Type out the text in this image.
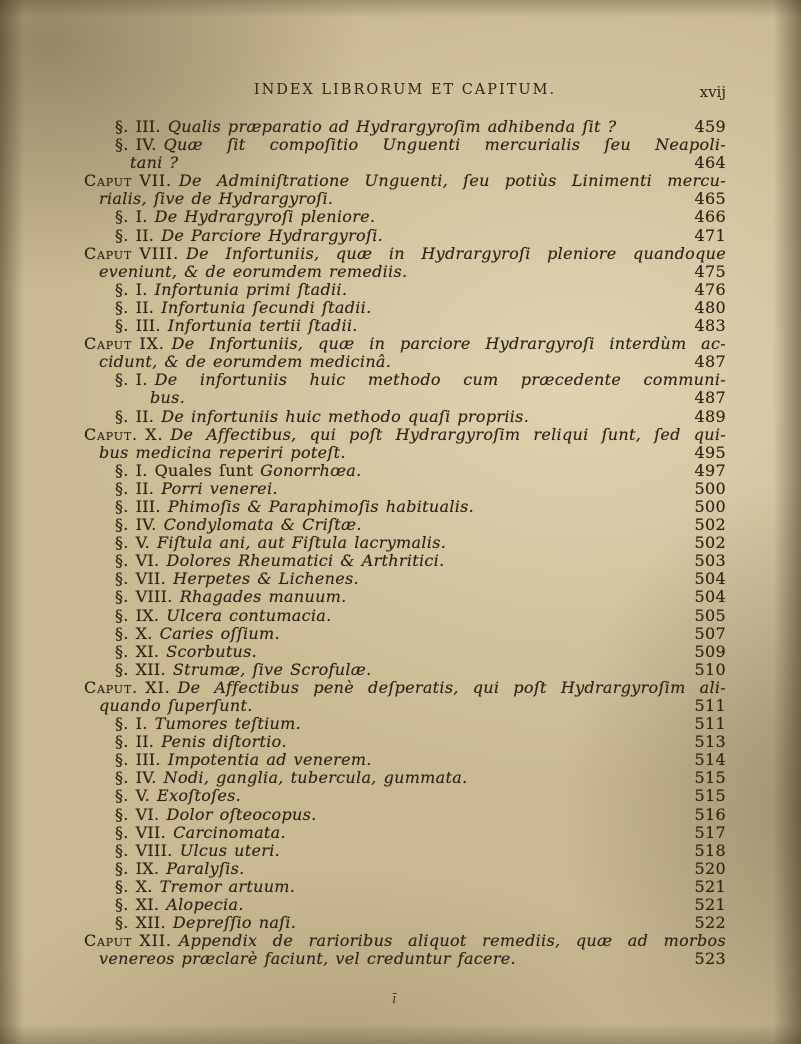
INDEX LIBRORUM ET CAPITUM.	xvij
§. III. Qualis præparatio ad Hydrargyroſim adhibenda ſit ?	459
§. IV. Quæ ſit compoſitio Unguenti mercurialis ſeu Neapoli-
tani ?	464
Caput VII. De Adminiſtratione Unguenti, ſeu potiùs Linimenti mercu-
rialis, ſive de Hydrargyroſi.	465
§. I. De Hydrargyroſi pleniore.	466
§. II. De Parciore Hydrargyroſi.	471
Caput VIII. De Infortuniis, quæ in Hydrargyroſi pleniore quandoque
eveniunt, & de eorumdem remediis.	475
§. I. Infortunia primi ſtadii.	476
§. II. Infortunia ſecundi ſtadii.	480
§. III. Infortunia tertii ſtadii.	483
Caput IX. De Infortuniis, quæ in parciore Hydrargyroſi interdùm ac-
cidunt, & de eorumdem medicinâ.	487
§. I. De infortuniis huic methodo cum præcedente communi-
bus.	487
§. II. De infortuniis huic methodo quaſi propriis.	489
Caput. X. De Affectibus, qui poſt Hydrargyroſim reliqui ſunt, ſed qui-
bus medicina reperiri poteſt.	495
§. I. Quales ſunt Gonorrhœa.	497
§. II. Porri venerei.	500
§. III. Phimoſis & Paraphimoſis habitualis.	500
§. IV. Condylomata & Criſtæ.	502
§. V. Fiſtula ani, aut Fiſtula lacrymalis.	502
§. VI. Dolores Rheumatici & Arthritici.	503
§. VII. Herpetes & Lichenes.	504
§. VIII. Rhagades manuum.	504
§. IX. Ulcera contumacia.	505
§. X. Caries oſſium.	507
§. XI. Scorbutus.	509
§. XII. Strumæ, ſive Scrofulæ.	510
Caput. XI. De Affectibus penè deſperatis, qui poſt Hydrargyroſim ali-
quando ſuperſunt.	511
§. I. Tumores teſtium.	511
§. II. Penis diſtortio.	513
§. III. Impotentia ad venerem.	514
§. IV. Nodi, ganglia, tubercula, gummata.	515
§. V. Exoſtoſes.	515
§. VI. Dolor oſteocopus.	516
§. VII. Carcinomata.	517
§. VIII. Ulcus uteri.	518
§. IX. Paralyſis.	520
§. X. Tremor artuum.	521
§. XI. Alopecia.	521
§. XII. Depreſſio naſi.	522
Caput XII. Appendix de rarioribus aliquot remediis, quæ ad morbos
venereos præclarè faciunt, vel creduntur facere.	523
ī
